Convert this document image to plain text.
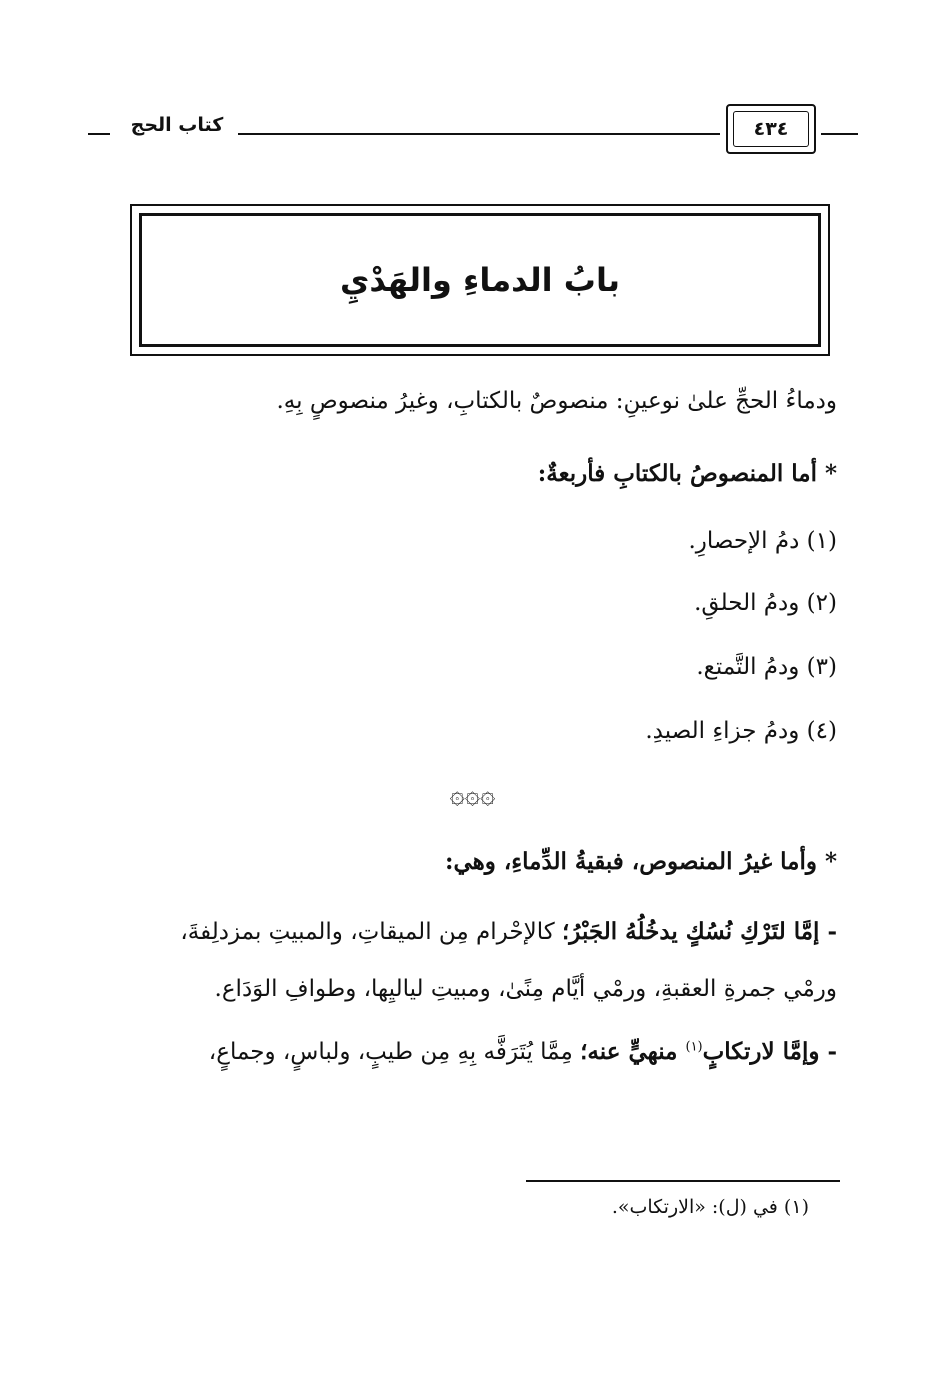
كتاب الحج	٤٣٤
بابُ الدماءِ والهَدْيِ
ودماءُ الحجِّ علىٰ نوعينِ: منصوصٌ بالكتابِ، وغيرُ منصوصٍ بِهِ.
* أما المنصوصُ بالكتابِ فأربعةٌ:
(١) دمُ الإحصارِ.
(٢) ودمُ الحلقِ.
(٣) ودمُ التَّمتع.
(٤) ودمُ جزاءِ الصيدِ.
۞۞۞
* وأما غيرُ المنصوص، فبقيةُ الدِّماءِ، وهي:
- إمَّا لتَرْكِ نُسُكٍ يدخُلُهُ الجَبْرُ؛ كالإحْرام مِن الميقاتِ، والمبيتِ بمزدلِفةَ،
ورمْي جمرةِ العقبةِ، ورمْي أيَّام مِنًىٰ، ومبيتِ لياليِها، وطوافِ الوَدَاع.
- وإمَّا لارتكابٍ$^{(١)}$ منهيٍّ عنه؛ مِمَّا يُتَرَفَّه بِهِ مِن طيبٍ، ولباسٍ، وجماعٍ،
(١) في (ل): «الارتكاب».
